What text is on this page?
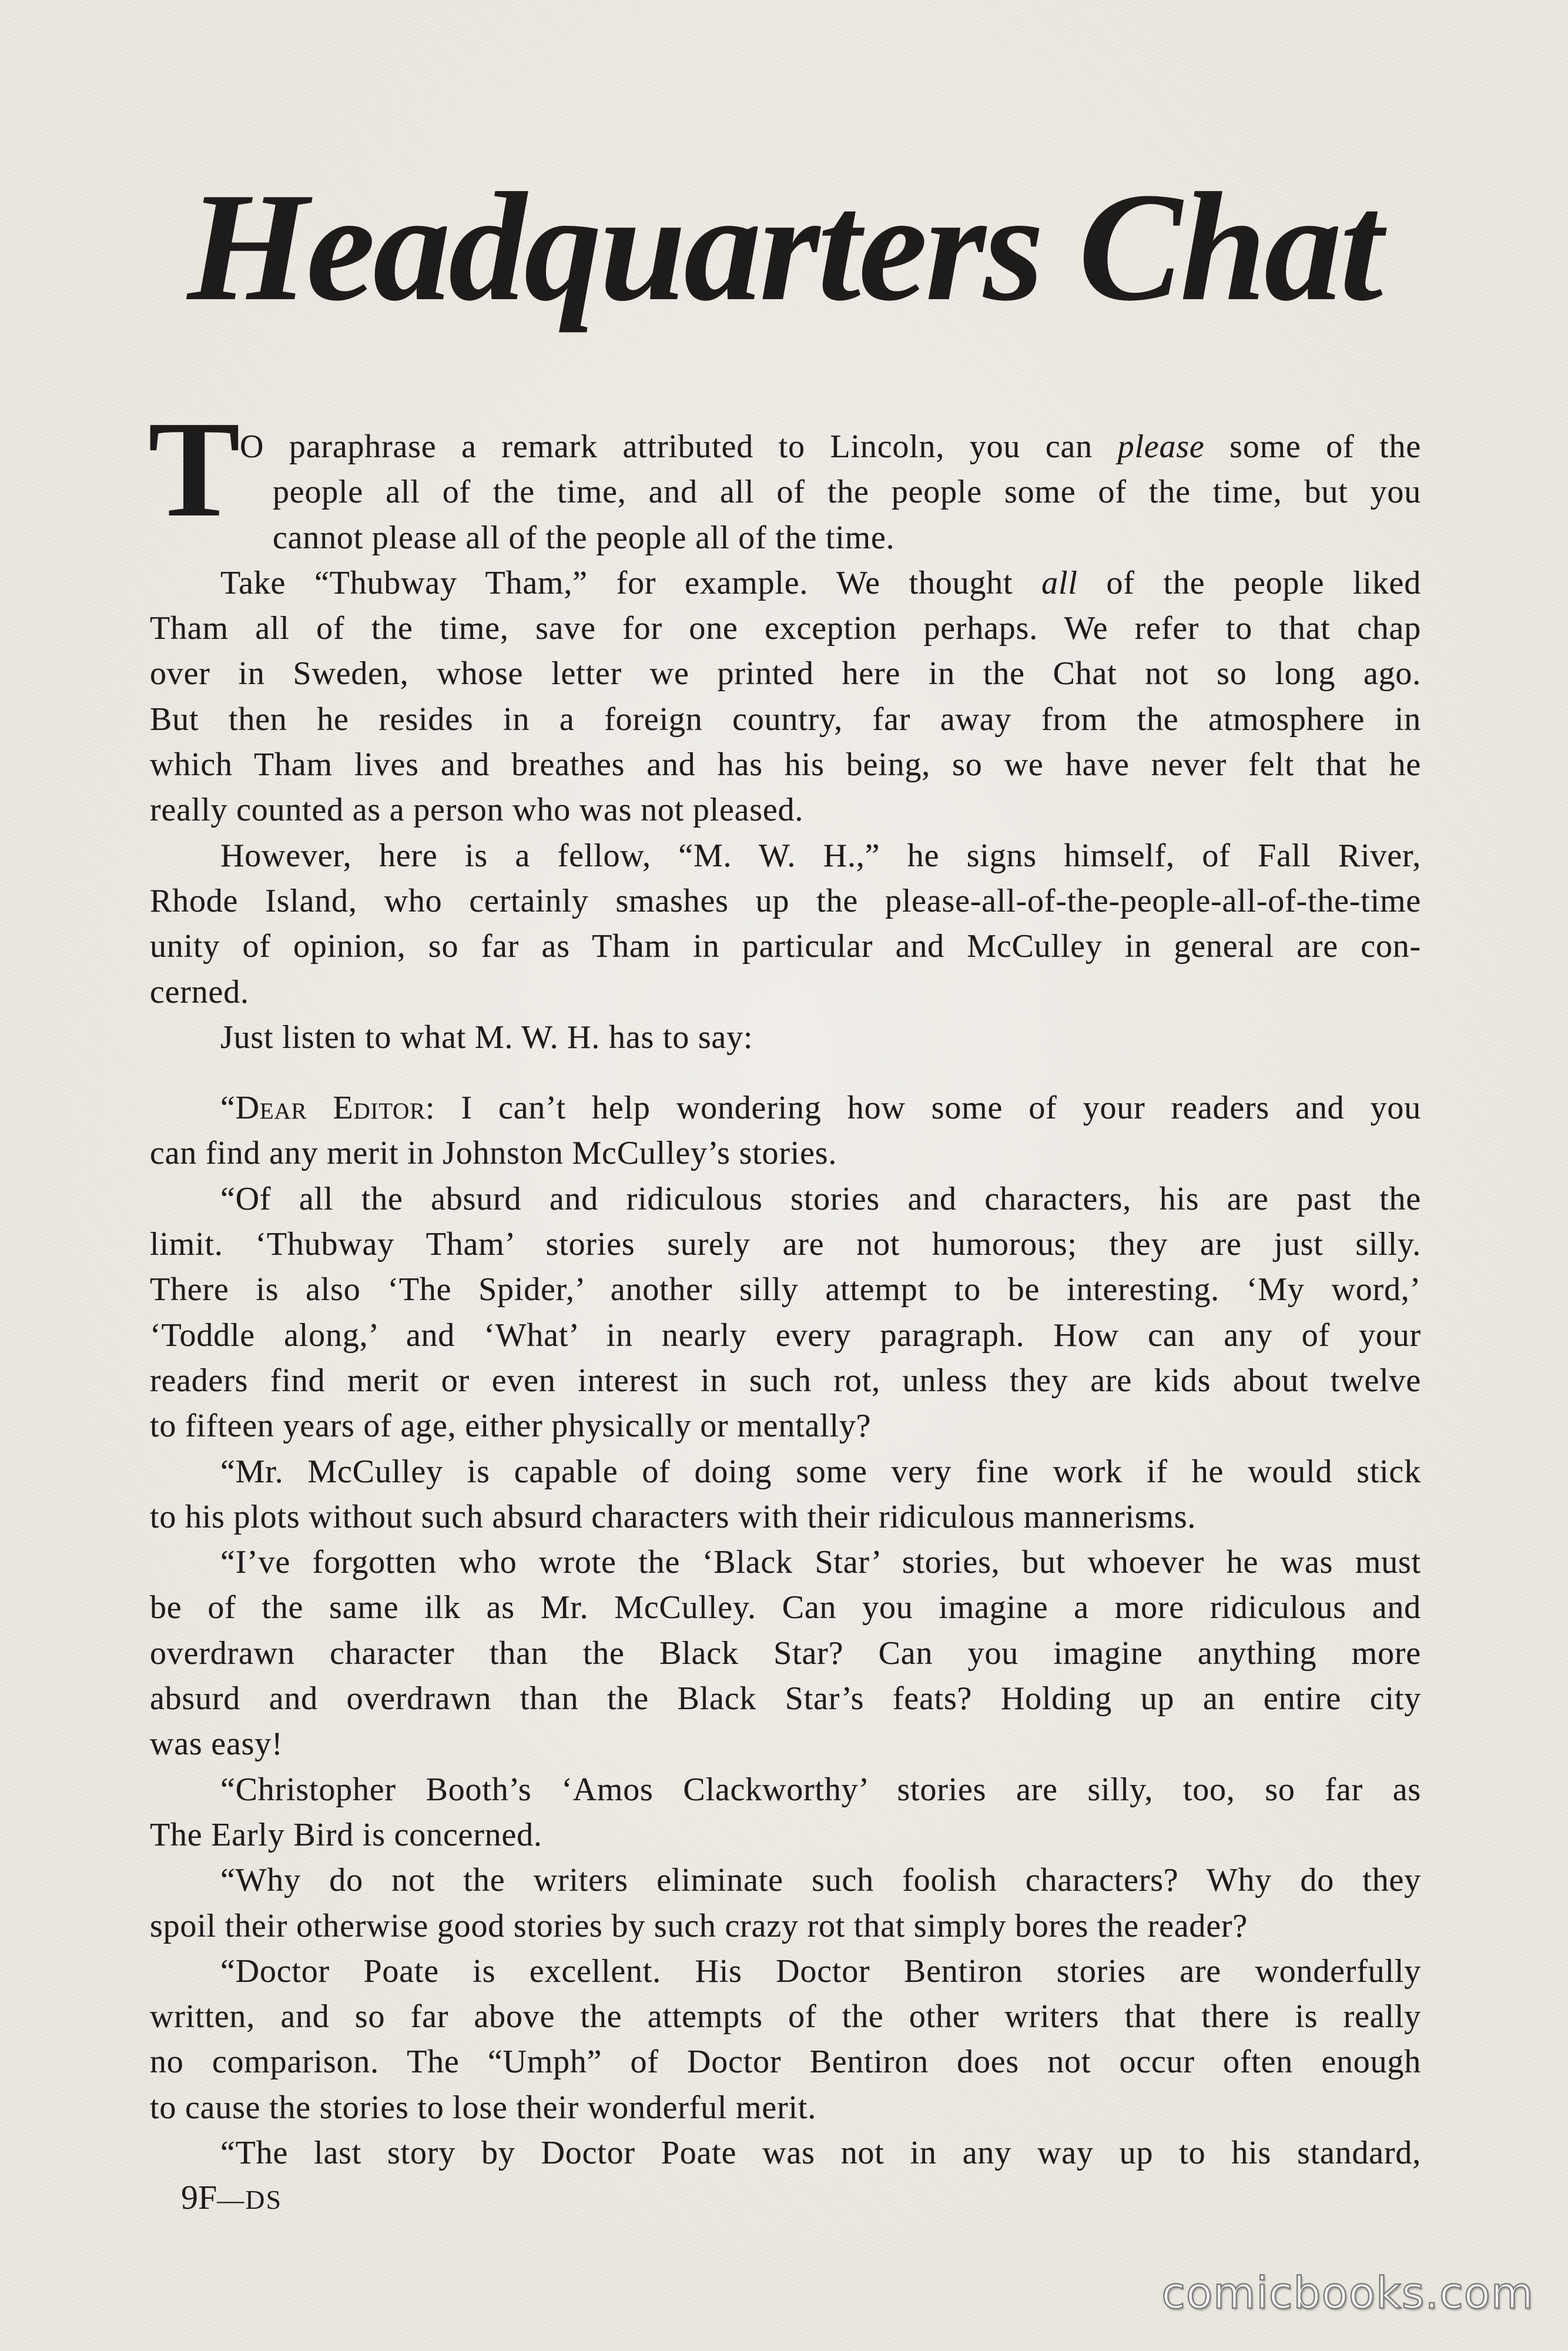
Headquarters Chat
T O paraphrase a remark attributed to Lincoln, you can please some of the
people all of the time, and all of the people some of the time, but you
cannot please all of the people all of the time.
Take “Thubway Tham,” for example. We thought all of the people liked
Tham all of the time, save for one exception perhaps. We refer to that chap
over in Sweden, whose letter we printed here in the Chat not so long ago.
But then he resides in a foreign country, far away from the atmosphere in
which Tham lives and breathes and has his being, so we have never felt that he
really counted as a person who was not pleased.
However, here is a fellow, “M. W. H.,” he signs himself, of Fall River,
Rhode Island, who certainly smashes up the please-all-of-the-people-all-of-the-time
unity of opinion, so far as Tham in particular and McCulley in general are con-
cerned.
Just listen to what M. W. H. has to say:
“Dear Editor: I can’t help wondering how some of your readers and you
can find any merit in Johnston McCulley’s stories.
“Of all the absurd and ridiculous stories and characters, his are past the
limit. ‘Thubway Tham’ stories surely are not humorous; they are just silly.
There is also ‘The Spider,’ another silly attempt to be interesting. ‘My word,’
‘Toddle along,’ and ‘What’ in nearly every paragraph. How can any of your
readers find merit or even interest in such rot, unless they are kids about twelve
to fifteen years of age, either physically or mentally?
“Mr. McCulley is capable of doing some very fine work if he would stick
to his plots without such absurd characters with their ridiculous mannerisms.
“I’ve forgotten who wrote the ‘Black Star’ stories, but whoever he was must
be of the same ilk as Mr. McCulley. Can you imagine a more ridiculous and
overdrawn character than the Black Star? Can you imagine anything more
absurd and overdrawn than the Black Star’s feats? Holding up an entire city
was easy!
“Christopher Booth’s ‘Amos Clackworthy’ stories are silly, too, so far as
The Early Bird is concerned.
“Why do not the writers eliminate such foolish characters? Why do they
spoil their otherwise good stories by such crazy rot that simply bores the reader?
“Doctor Poate is excellent. His Doctor Bentiron stories are wonderfully
written, and so far above the attempts of the other writers that there is really
no comparison. The “Umph” of Doctor Bentiron does not occur often enough
to cause the stories to lose their wonderful merit.
“The last story by Doctor Poate was not in any way up to his standard,
9F—DS
comicbooks.com
